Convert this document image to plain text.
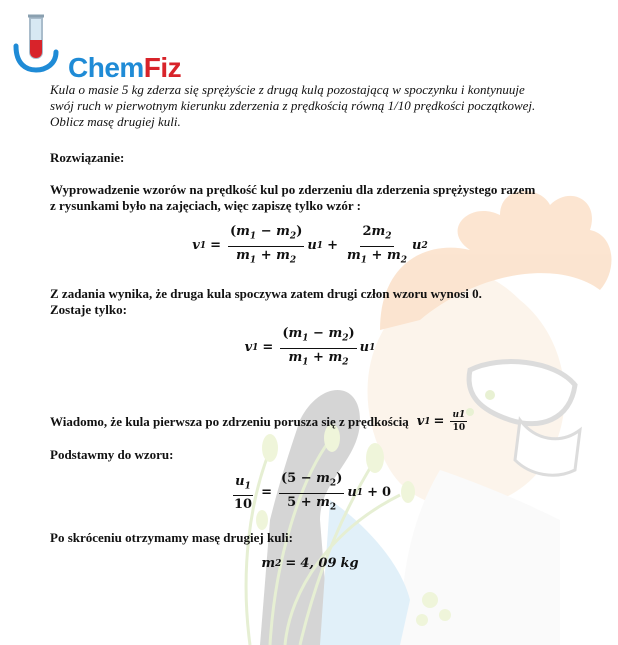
ChemFiz
Kula o masie 5 kg zderza się sprężyście z drugą kulą pozostającą w spoczynku i kontynuuje swój ruch w pierwotnym kierunku zderzenia z prędkością równą 1/10 prędkości początkowej. Oblicz masę drugiej kuli.
Rozwiązanie:
Wyprowadzenie wzorów na prędkość kul po zderzeniu dla zderzenia sprężystego razem z rysunkami było na zajęciach, więc zapiszę tylko wzór :
v $1 = \frac{(m_1 - m_2)}{m_1 + m_2}$ u $1 + \frac{2m_2}{m_1 + m_2}$ u 2
Z zadania wynika, że druga kula spoczywa zatem drugi człon wzoru wynosi 0.
Zostaje tylko:
v $1 = \frac{(m_1 - m_2)}{m_1 + m_2}$ u 1
Wiadomo, że kula pierwsza po zdrzeniu porusza się z prędkością v $1 = \frac{u1}{10}$
Podstawmy do wzoru:
$\frac{u_1}{10} = \frac{(5 - m_2)}{5 + m_2}$ u 1 + 0
Po skróceniu otrzymamy masę drugiej kuli:
m 2 = 4, 09 kg
